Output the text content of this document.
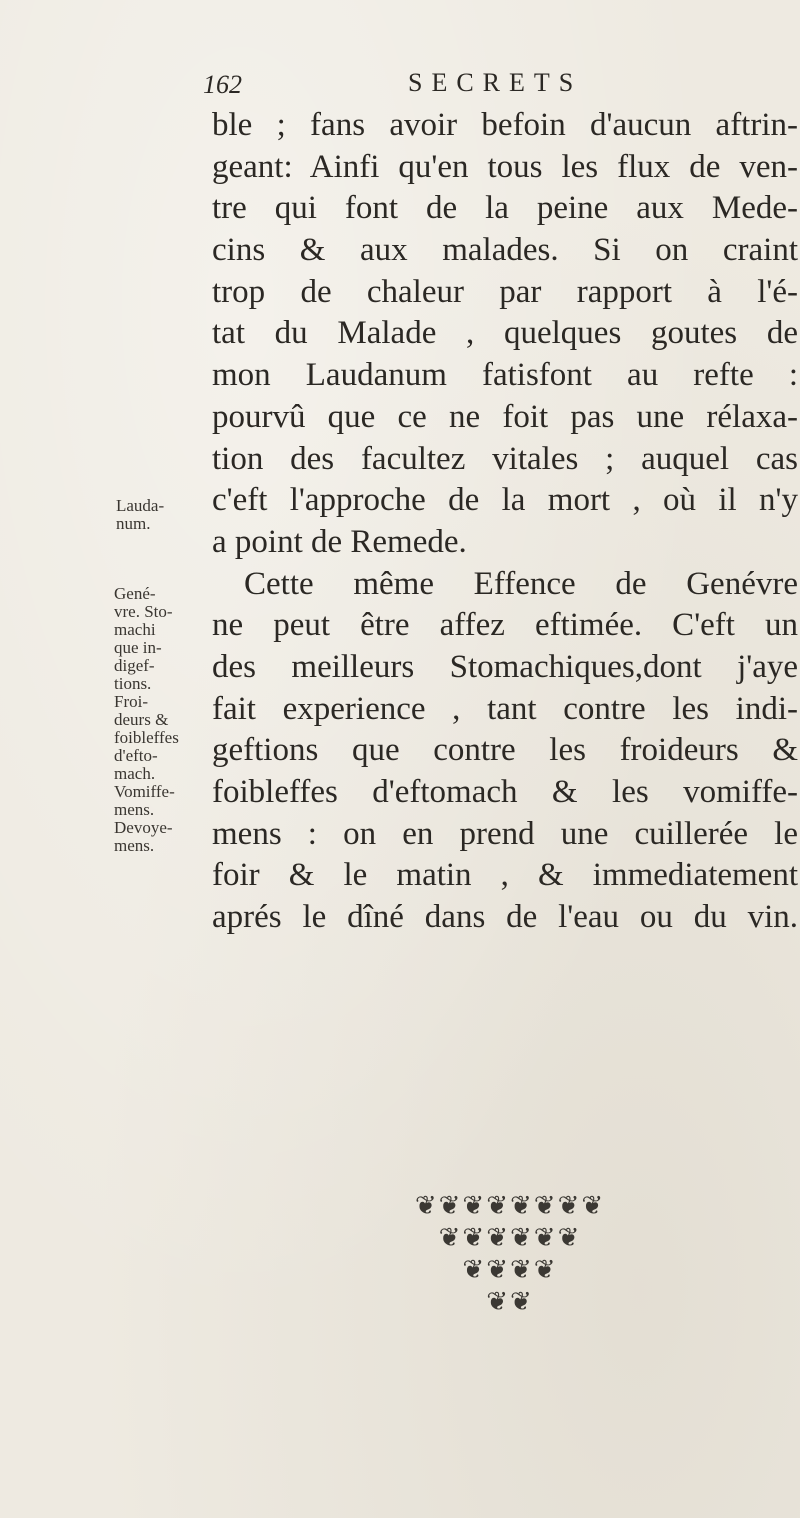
162	SECRETS
ble ; fans avoir befoin d'aucun aftrin-
geant: Ainfi qu'en tous les flux de ven-
tre qui font de la peine aux Mede-
cins & aux malades. Si on craint
trop de chaleur par rapport à l'é-
tat du Malade , quelques goutes de
mon Laudanum fatisfont au refte :
pourvû que ce ne foit pas une rélaxa-
tion des facultez vitales ; auquel cas
c'eft l'approche de la mort , où il n'y
a point de Remede.
Cette même Effence de Genévre
ne peut être affez eftimée. C'eft un
des meilleurs Stomachiques,dont j'aye
fait experience , tant contre les indi-
geftions que contre les froideurs &
foibleffes d'eftomach & les vomiffe-
mens : on en prend une cuillerée le
foir & le matin , & immediatement
aprés le dîné dans de l'eau ou du vin.
Lauda-
num.
Gené-
vre. Sto-
machi
que in-
digef-
tions.
Froi-
deurs &
foibleffes
d'efto-
mach.
Vomiffe-
mens.
Devoye-
mens.
❦❦❦❦❦❦❦❦
❦❦❦❦❦❦
❦❦❦❦
❦❦
